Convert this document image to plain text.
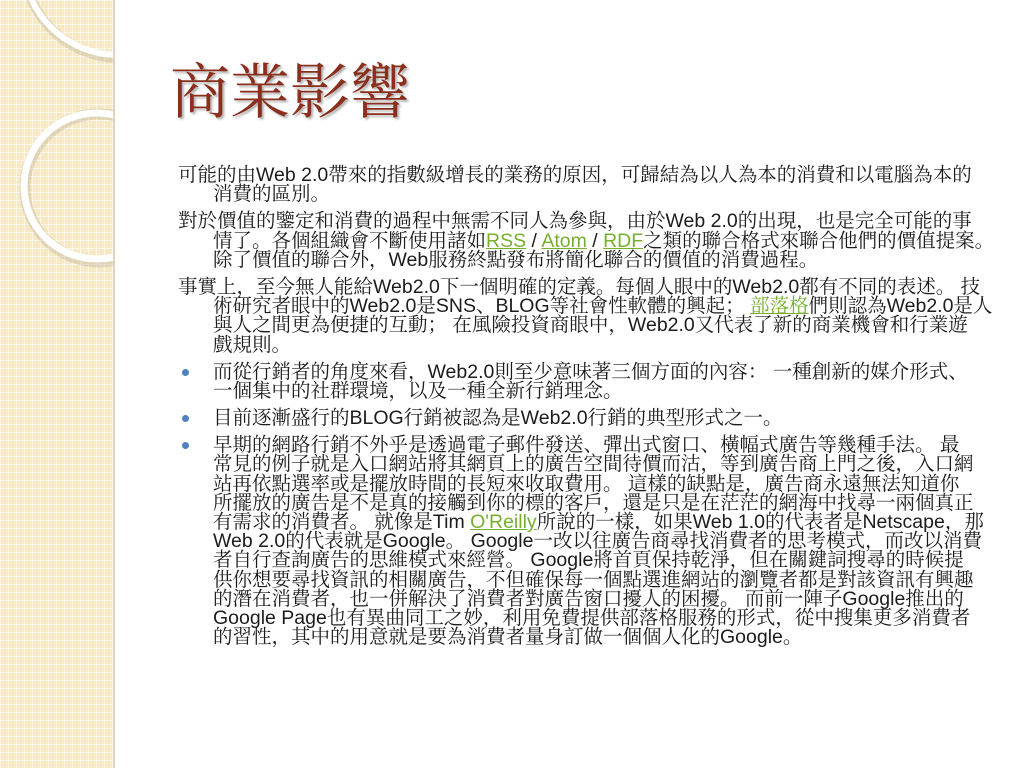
商業影響
可能的由Web 2.0帶來的指數級增長的業務的原因，可歸結為以人為本的消費和以電腦為本的
消費的區別。
對於價值的鑒定和消費的過程中無需不同人為參與，由於Web 2.0的出現，也是完全可能的事
情了。各個組織會不斷使用諸如RSS / Atom / RDF之類的聯合格式來聯合他們的價值提案。
除了價值的聯合外，Web服務終點發布將簡化聯合的價值的消費過程。
事實上，至今無人能給Web2.0下一個明確的定義。每個人眼中的Web2.0都有不同的表述。 技
術研究者眼中的Web2.0是SNS、BLOG等社會性軟體的興起； 部落格們則認為Web2.0是人
與人之間更為便捷的互動； 在風險投資商眼中，Web2.0又代表了新的商業機會和行業遊
戲規則。
而從行銷者的角度來看，Web2.0則至少意味著三個方面的內容： 一種創新的媒介形式、
一個集中的社群環境，以及一種全新行銷理念。
目前逐漸盛行的BLOG行銷被認為是Web2.0行銷的典型形式之一。
早期的網路行銷不外乎是透過電子郵件發送、彈出式窗口、橫幅式廣告等幾種手法。 最
常見的例子就是入口網站將其網頁上的廣告空間待價而沽，等到廣告商上門之後，入口網
站再依點選率或是擺放時間的長短來收取費用。 這樣的缺點是，廣告商永遠無法知道你
所擺放的廣告是不是真的接觸到你的標的客戶，還是只是在茫茫的網海中找尋一兩個真正
有需求的消費者。 就像是Tim O'Reilly所說的一樣，如果Web 1.0的代表者是Netscape，那
Web 2.0的代表就是Google。 Google一改以往廣告商尋找消費者的思考模式，而改以消費
者自行查詢廣告的思維模式來經營。 Google將首頁保持乾淨，但在關鍵詞搜尋的時候提
供你想要尋找資訊的相關廣告，不但確保每一個點選進網站的瀏覽者都是對該資訊有興趣
的潛在消費者，也一併解決了消費者對廣告窗口擾人的困擾。 而前一陣子Google推出的
Google Page也有異曲同工之妙，利用免費提供部落格服務的形式，從中搜集更多消費者
的習性，其中的用意就是要為消費者量身訂做一個個人化的Google。
